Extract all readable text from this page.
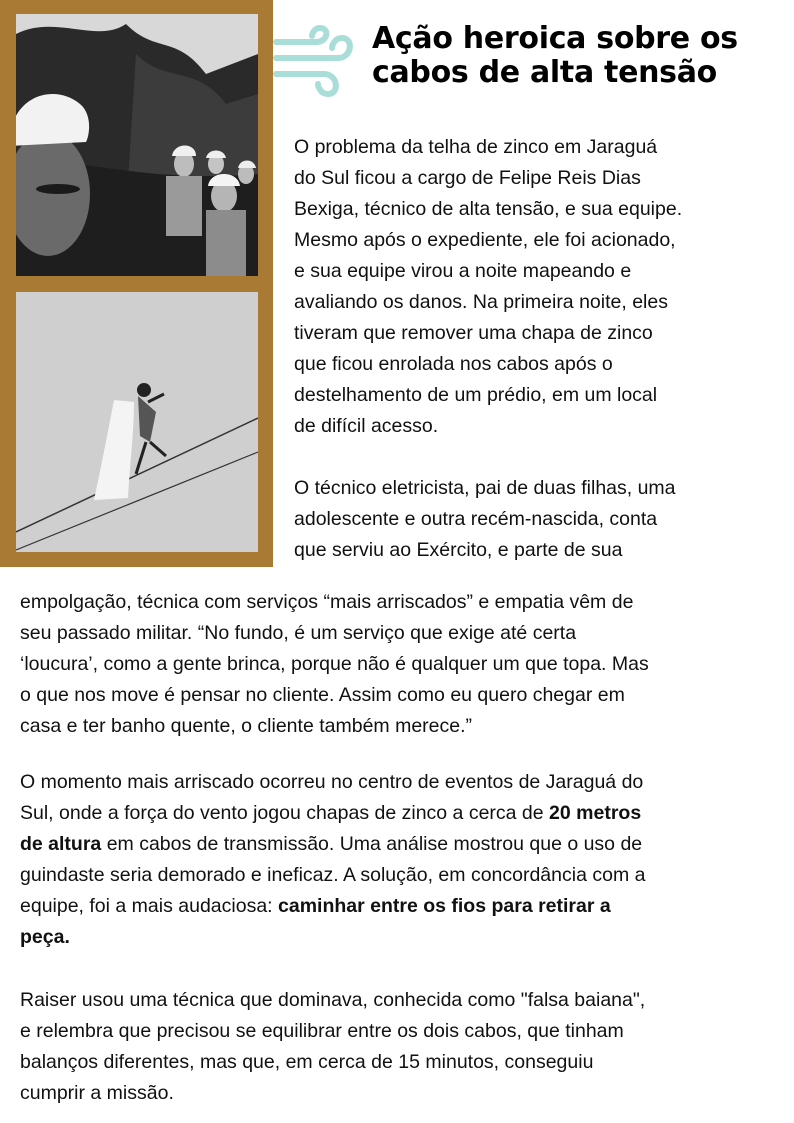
Ação heroica sobre os
cabos de alta tensão
O problema da telha de zinco em Jaraguá
do Sul ficou a cargo de Felipe Reis Dias
Bexiga, técnico de alta tensão, e sua equipe.
Mesmo após o expediente, ele foi acionado,
e sua equipe virou a noite mapeando e
avaliando os danos. Na primeira noite, eles
tiveram que remover uma chapa de zinco
que ficou enrolada nos cabos após o
destelhamento de um prédio, em um local
de difícil acesso.
O técnico eletricista, pai de duas filhas, uma
adolescente e outra recém-nascida, conta
que serviu ao Exército, e parte de sua
empolgação, técnica com serviços “mais arriscados” e empatia vêm de
seu passado militar. “No fundo, é um serviço que exige até certa
‘loucura’, como a gente brinca, porque não é qualquer um que topa. Mas
o que nos move é pensar no cliente. Assim como eu quero chegar em
casa e ter banho quente, o cliente também merece.”
O momento mais arriscado ocorreu no centro de eventos de Jaraguá do
Sul, onde a força do vento jogou chapas de zinco a cerca de 20 metros
de altura em cabos de transmissão. Uma análise mostrou que o uso de
guindaste seria demorado e ineficaz. A solução, em concordância com a
equipe, foi a mais audaciosa: caminhar entre os fios para retirar a
peça.
Raiser usou uma técnica que dominava, conhecida como "falsa baiana",
e relembra que precisou se equilibrar entre os dois cabos, que tinham
balanços diferentes, mas que, em cerca de 15 minutos, conseguiu
cumprir a missão.
